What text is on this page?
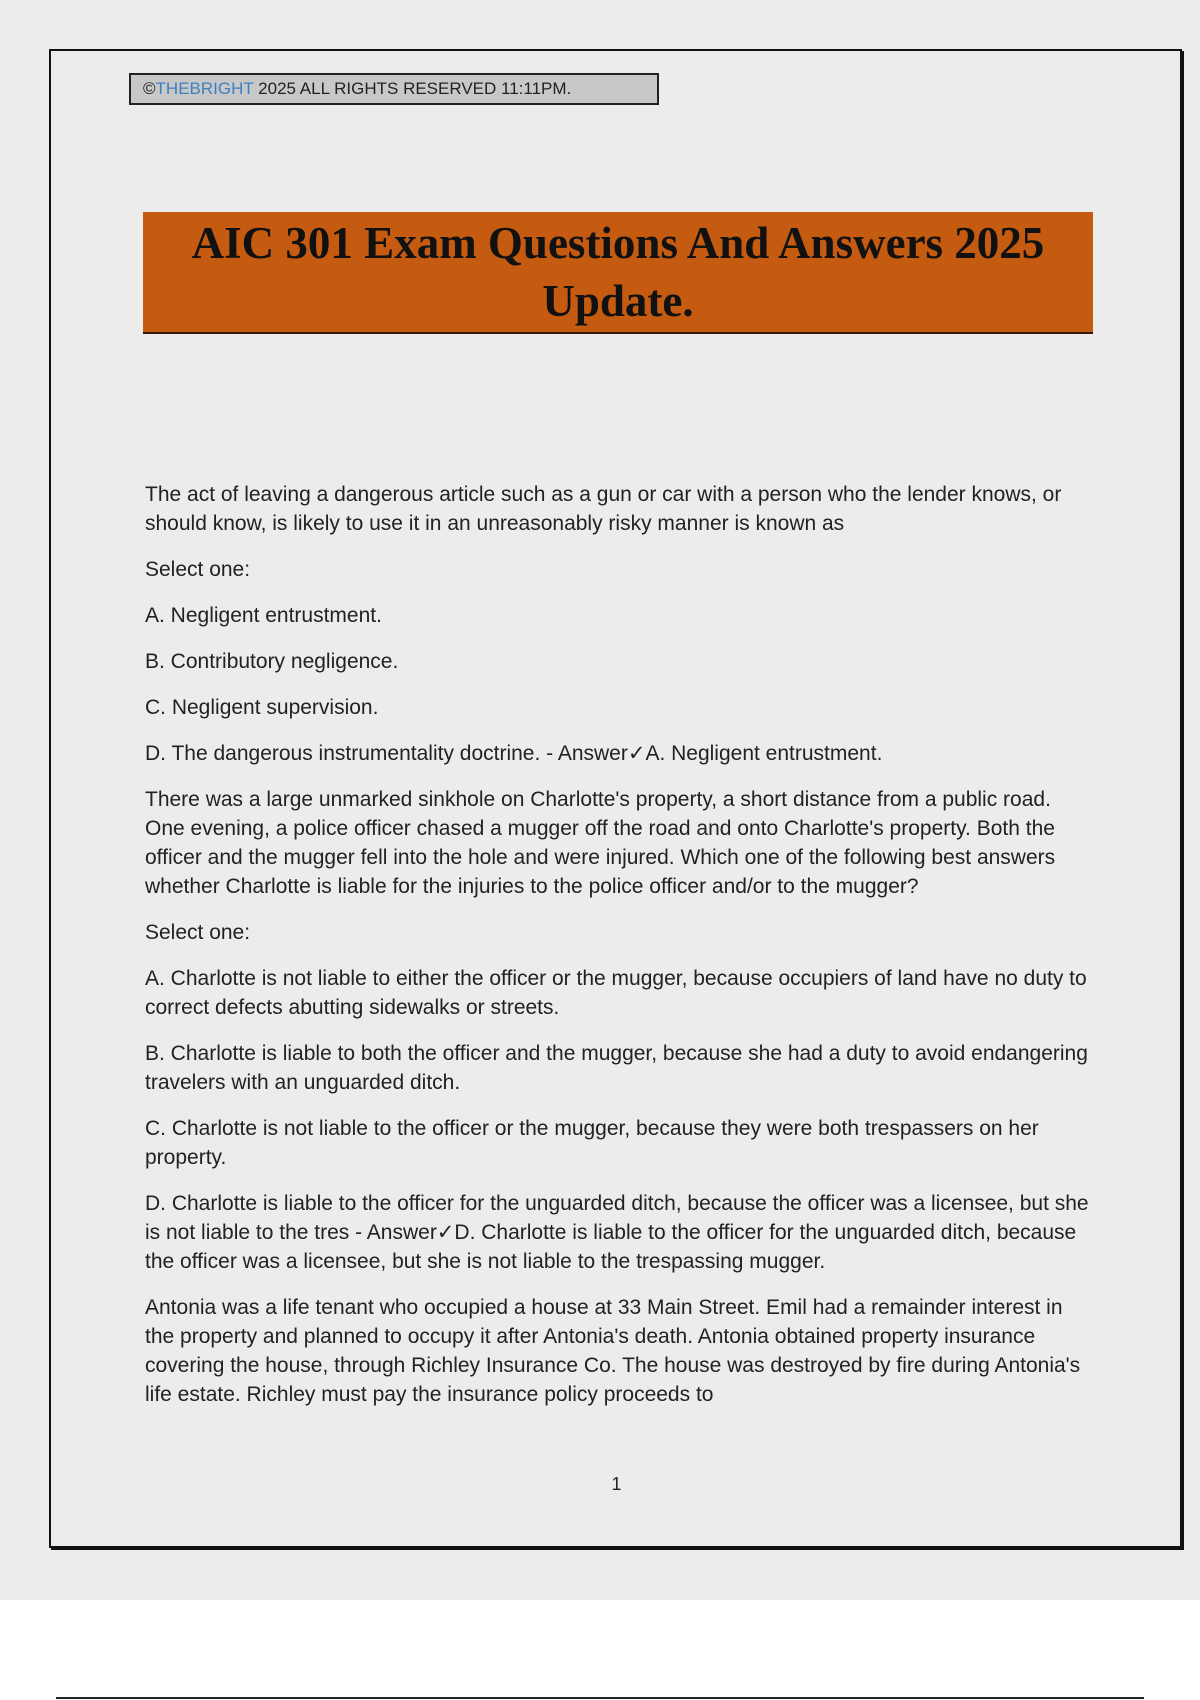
©THEBRIGHT 2025 ALL RIGHTS RESERVED 11:11PM.
AIC 301 Exam Questions And Answers 2025
Update.

The act of leaving a dangerous article such as a gun or car with a person who the lender knows, or should know, is likely to use it in an unreasonably risky manner is known as

Select one:

A. Negligent entrustment.

B. Contributory negligence.

C. Negligent supervision.

D. The dangerous instrumentality doctrine. - Answer✓A. Negligent entrustment.

There was a large unmarked sinkhole on Charlotte's property, a short distance from a public road. One evening, a police officer chased a mugger off the road and onto Charlotte's property. Both the officer and the mugger fell into the hole and were injured. Which one of the following best answers whether Charlotte is liable for the injuries to the police officer and/or to the mugger?

Select one:

A. Charlotte is not liable to either the officer or the mugger, because occupiers of land have no duty to correct defects abutting sidewalks or streets.

B. Charlotte is liable to both the officer and the mugger, because she had a duty to avoid endangering travelers with an unguarded ditch.

C. Charlotte is not liable to the officer or the mugger, because they were both trespassers on her property.

D. Charlotte is liable to the officer for the unguarded ditch, because the officer was a licensee, but she is not liable to the tres - Answer✓D. Charlotte is liable to the officer for the unguarded ditch, because the officer was a licensee, but she is not liable to the trespassing mugger.

Antonia was a life tenant who occupied a house at 33 Main Street. Emil had a remainder interest in the property and planned to occupy it after Antonia's death. Antonia obtained property insurance covering the house, through Richley Insurance Co. The house was destroyed by fire during Antonia's life estate. Richley must pay the insurance policy proceeds to

1
